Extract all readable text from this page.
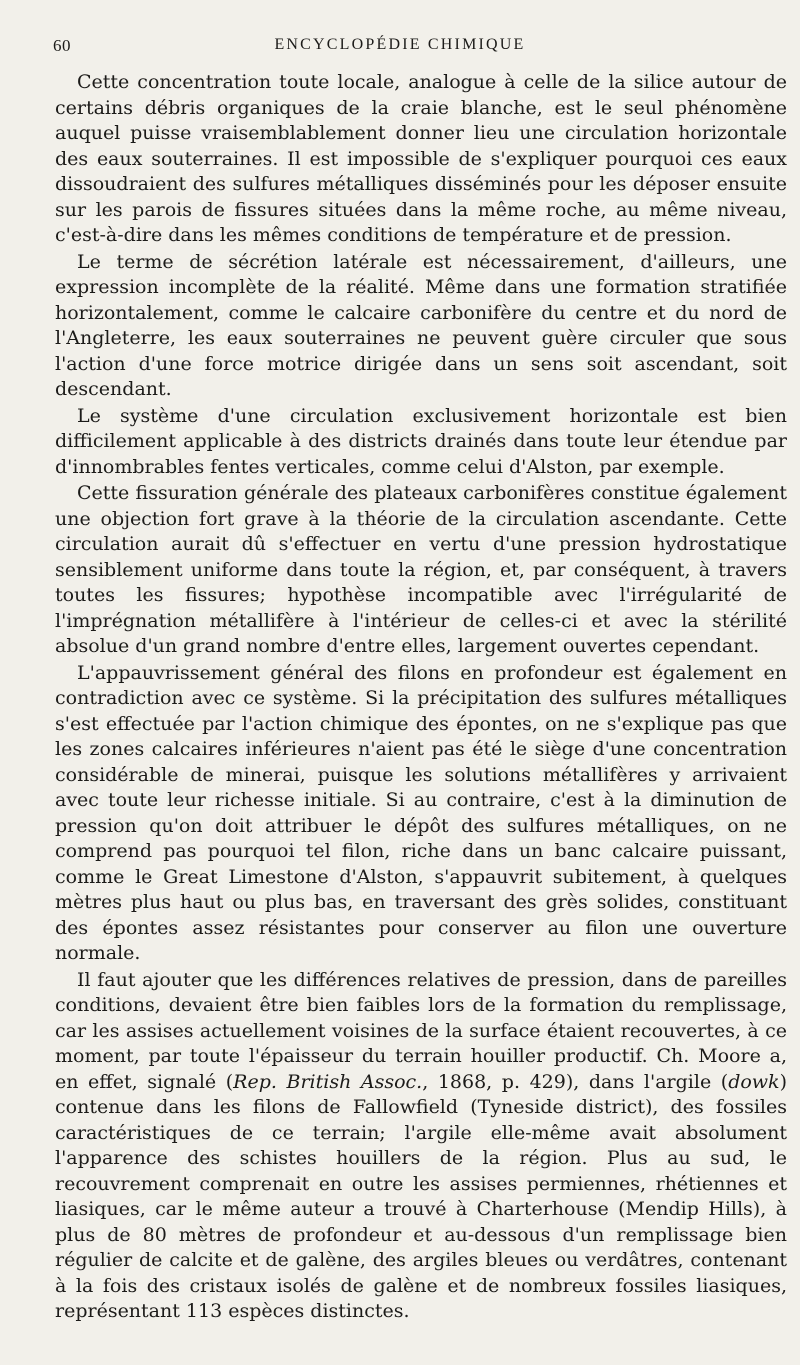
60	ENCYCLOPÉDIE CHIMIQUE

Cette concentration toute locale, analogue à celle de la silice autour de certains débris organiques de la craie blanche, est le seul phénomène auquel puisse vraisemblablement donner lieu une circulation horizontale des eaux souterraines. Il est impossible de s'expliquer pourquoi ces eaux dissoudraient des sulfures métalliques disséminés pour les déposer ensuite sur les parois de fissures situées dans la même roche, au même niveau, c'est-à-dire dans les mêmes conditions de température et de pression.

Le terme de sécrétion latérale est nécessairement, d'ailleurs, une expression incomplète de la réalité. Même dans une formation stratifiée horizontalement, comme le calcaire carbonifère du centre et du nord de l'Angleterre, les eaux souterraines ne peuvent guère circuler que sous l'action d'une force motrice dirigée dans un sens soit ascendant, soit descendant.

Le système d'une circulation exclusivement horizontale est bien difficilement applicable à des districts drainés dans toute leur étendue par d'innombrables fentes verticales, comme celui d'Alston, par exemple.

Cette fissuration générale des plateaux carbonifères constitue également une objection fort grave à la théorie de la circulation ascendante. Cette circulation aurait dû s'effectuer en vertu d'une pression hydrostatique sensiblement uniforme dans toute la région, et, par conséquent, à travers toutes les fissures; hypothèse incompatible avec l'irrégularité de l'imprégnation métallifère à l'intérieur de celles-ci et avec la stérilité absolue d'un grand nombre d'entre elles, largement ouvertes cependant.

L'appauvrissement général des filons en profondeur est également en contradiction avec ce système. Si la précipitation des sulfures métalliques s'est effectuée par l'action chimique des épontes, on ne s'explique pas que les zones calcaires inférieures n'aient pas été le siège d'une concentration considérable de minerai, puisque les solutions métallifères y arrivaient avec toute leur richesse initiale. Si au contraire, c'est à la diminution de pression qu'on doit attribuer le dépôt des sulfures métalliques, on ne comprend pas pourquoi tel filon, riche dans un banc calcaire puissant, comme le Great Limestone d'Alston, s'appauvrit subitement, à quelques mètres plus haut ou plus bas, en traversant des grès solides, constituant des épontes assez résistantes pour conserver au filon une ouverture normale.

Il faut ajouter que les différences relatives de pression, dans de pareilles conditions, devaient être bien faibles lors de la formation du remplissage, car les assises actuellement voisines de la surface étaient recouvertes, à ce moment, par toute l'épaisseur du terrain houiller productif. Ch. Moore a, en effet, signalé (Rep. British Assoc., 1868, p. 429), dans l'argile (dowk) contenue dans les filons de Fallowfield (Tyneside district), des fossiles caractéristiques de ce terrain; l'argile elle-même avait absolument l'apparence des schistes houillers de la région. Plus au sud, le recouvrement comprenait en outre les assises permiennes, rhétiennes et liasiques, car le même auteur a trouvé à Charterhouse (Mendip Hills), à plus de 80 mètres de profondeur et au-dessous d'un remplissage bien régulier de calcite et de galène, des argiles bleues ou verdâtres, contenant à la fois des cristaux isolés de galène et de nombreux fossiles liasiques, représentant 113 espèces distinctes.
